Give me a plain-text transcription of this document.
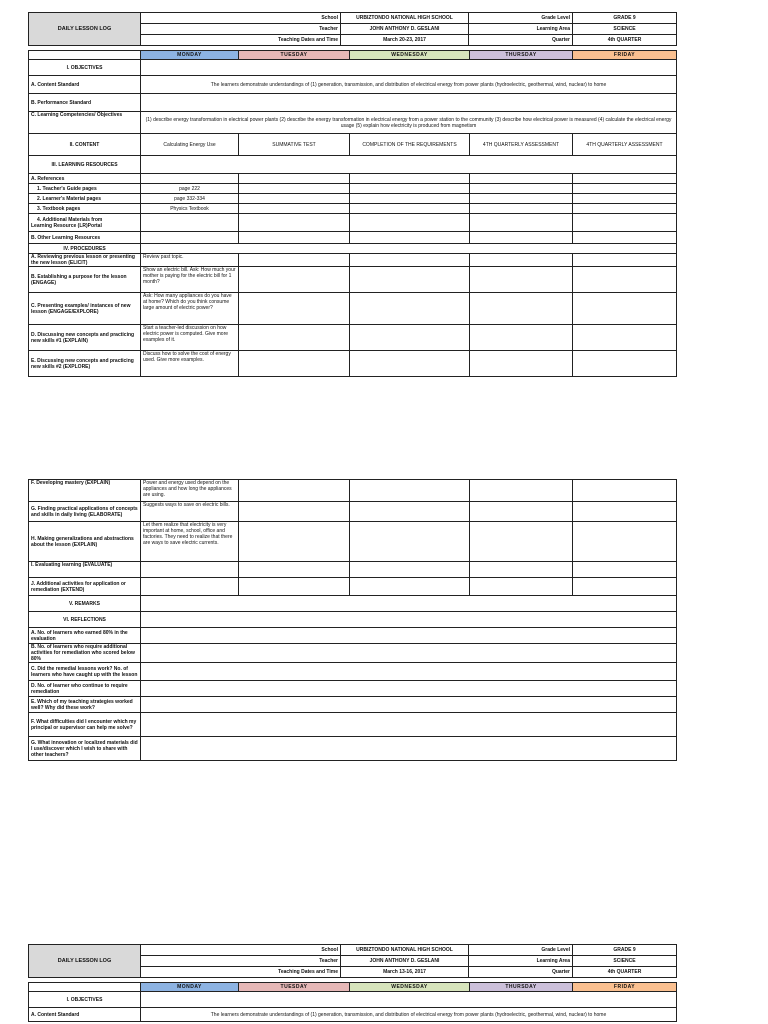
DAILY LESSON LOG	School	URBIZTONDO NATIONAL HIGH SCHOOL	Grade Level	GRADE 9
	Teacher	JOHN ANTHONY D. GESLANI	Learning Area	SCIENCE
	Teaching Dates and Time	March 20-23, 2017	Quarter	4th QUARTER
	MONDAY	TUESDAY	WEDNESDAY	THURSDAY	FRIDAY
I. OBJECTIVES					
A. Content Standard	The learners demonstrate understandings of (1) generation, transmission, and distribution of electrical energy from power plants (hydroelectric, geothermal, wind, nuclear) to home				
B. Performance Standard					
C. Learning Competencies/ Objectives	(1) describe energy transformation in electrical power plants (2) describe the energy transformation in electrical energy from a power station to the community (3) describe how electrical power is measured (4) calculate the electrical energy usage (5) explain how electricity is produced from magnetism				
II. CONTENT	Calculating Energy Use	SUMMATIVE TEST	COMPLETION OF THE REQUIREMENTS	4TH QUARTERLY ASSESSMENT	4TH QUARTERLY ASSESSMENT
III. LEARNING RESOURCES					
A. References					
1. Teacher's Guide pages	page 222				
2. Learner's Material pages	page 332-334				
3. Textbook pages	Physics Textbook				

4. Additional Materials from
Learning Resource (LR)Portal					

B. Other Learning Resources					
IV. PROCEDURES					
A. Reviewing previous lesson or presenting the new lesson (ELICIT)	Review past topic.				
B. Establishing a purpose for the lesson (ENGAGE)	Show an electric bill. Ask: How much your mother is paying for the electric bill for 1 month?				
C. Presenting examples/ instances of new lesson (ENGAGE/EXPLORE)	Ask: How many appliances do you have at home? Which do you think consume large amount of electric power?				
D. Discussing new concepts and practicing new skills #1 (EXPLAIN)	Start a teacher-led discussion on how electric power is computed. Give more examples of it.				
E. Discussing new concepts and practicing new skills #2 (EXPLORE)	Discuss how to solve the cost of energy used. Give more examples.				
F. Developing mastery (EXPLAIN)	Power and energy used depend on the appliances and how long the appliances are using.				
G. Finding practical applications of concepts and skills in daily living (ELABORATE)	Suggests ways to save on electric bills.				
H. Making generalizations and abstractions about the lesson (EXPLAIN)	Let them realize that electricity is very important at home, school, office and factories. They need to realize that there are ways to save electric currents.				
I. Evaluating learning (EVALUATE)					
J. Additional activities for application or remediation (EXTEND)					
V. REMARKS					
VI. REFLECTIONS					
A. No. of learners who earned 80% in the evaluation					
B. No. of learners who require additional activities for remediation who scored below 80%					
C. Did the remedial lessons work? No. of learners who have caught up with the lesson					
D. No. of learner who continue to require remediation					
E. Which of my teaching strategies worked well? Why did these work?					
F. What difficulties did I encounter which my principal or supervisor can help me solve?					
G. What innovation or localized materials did I use/discover which I wish to share with other teachers?					
DAILY LESSON LOG	School	URBIZTONDO NATIONAL HIGH SCHOOL	Grade Level	GRADE 9
	Teacher	JOHN ANTHONY D. GESLANI	Learning Area	SCIENCE
	Teaching Dates and Time	March 13-16, 2017	Quarter	4th QUARTER
	MONDAY	TUESDAY	WEDNESDAY	THURSDAY	FRIDAY
I. OBJECTIVES					
A. Content Standard	The learners demonstrate understandings of (1) generation, transmission, and distribution of electrical energy from power plants (hydroelectric, geothermal, wind, nuclear) to home				
